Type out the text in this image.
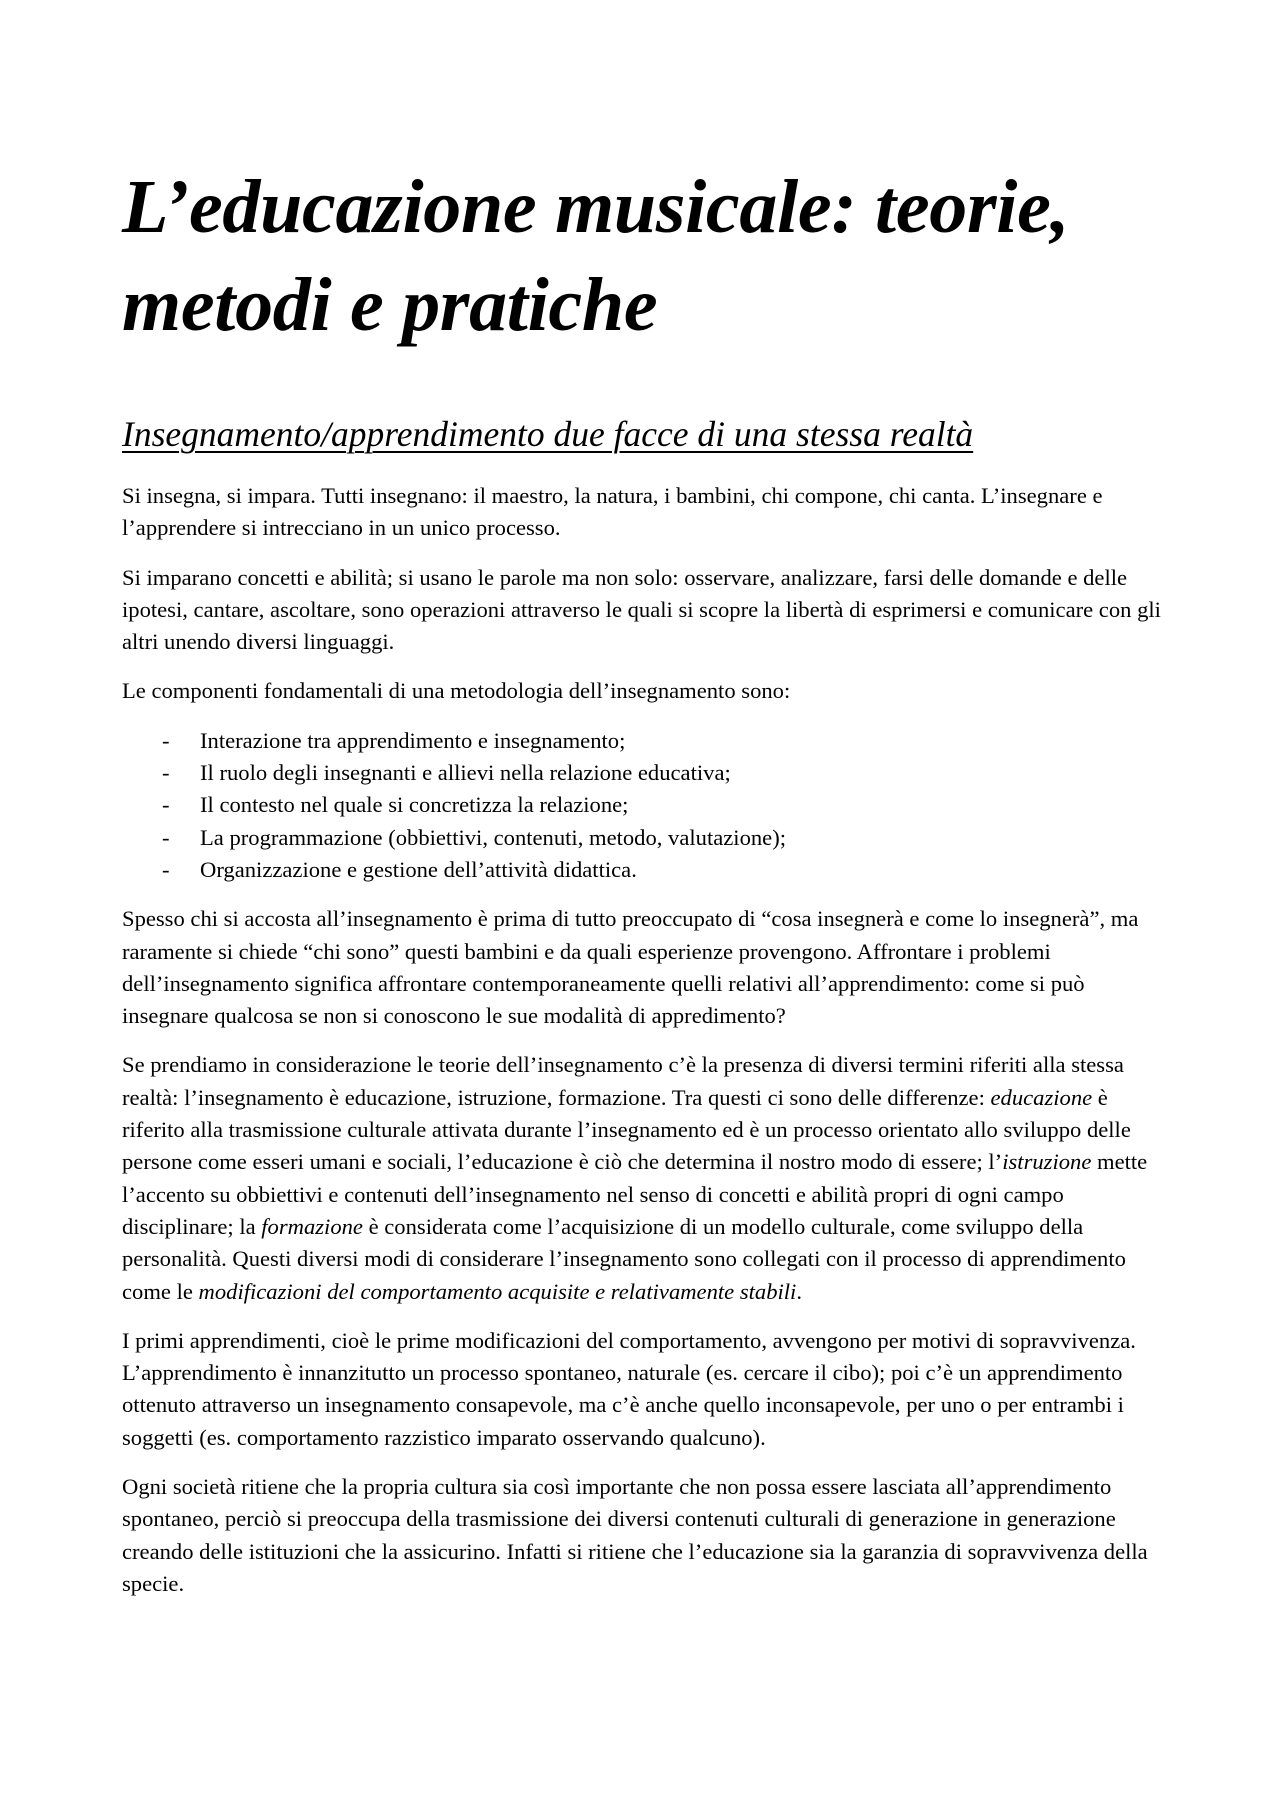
L’educazione musicale: teorie,
metodi e pratiche
Insegnamento/apprendimento due facce di una stessa realtà

Si insegna, si impara. Tutti insegnano: il maestro, la natura, i bambini, chi compone, chi canta. L’insegnare e l’apprendere si intrecciano in un unico processo.

Si imparano concetti e abilità; si usano le parole ma non solo: osservare, analizzare, farsi delle domande e delle ipotesi, cantare, ascoltare, sono operazioni attraverso le quali si scopre la libertà di esprimersi e comunicare con gli altri unendo diversi linguaggi.

Le componenti fondamentali di una metodologia dell’insegnamento sono:

- Interazione tra apprendimento e insegnamento;
- Il ruolo degli insegnanti e allievi nella relazione educativa;
- Il contesto nel quale si concretizza la relazione;
- La programmazione (obbiettivi, contenuti, metodo, valutazione);
- Organizzazione e gestione dell’attività didattica.

Spesso chi si accosta all’insegnamento è prima di tutto preoccupato di “cosa insegnerà e come lo insegnerà”, ma raramente si chiede “chi sono” questi bambini e da quali esperienze provengono. Affrontare i problemi dell’insegnamento significa affrontare contemporaneamente quelli relativi all’apprendimento: come si può insegnare qualcosa se non si conoscono le sue modalità di appredimento?

Se prendiamo in considerazione le teorie dell’insegnamento c’è la presenza di diversi termini riferiti alla stessa realtà: l’insegnamento è educazione, istruzione, formazione. Tra questi ci sono delle differenze: educazione è riferito alla trasmissione culturale attivata durante l’insegnamento ed è un processo orientato allo sviluppo delle persone come esseri umani e sociali, l’educazione è ciò che determina il nostro modo di essere; l’istruzione mette l’accento su obbiettivi e contenuti dell’insegnamento nel senso di concetti e abilità propri di ogni campo disciplinare; la formazione è considerata come l’acquisizione di un modello culturale, come sviluppo della personalità. Questi diversi modi di considerare l’insegnamento sono collegati con il processo di apprendimento come le modificazioni del comportamento acquisite e relativamente stabili.

I primi apprendimenti, cioè le prime modificazioni del comportamento, avvengono per motivi di sopravvivenza. L’apprendimento è innanzitutto un processo spontaneo, naturale (es. cercare il cibo); poi c’è un apprendimento ottenuto attraverso un insegnamento consapevole, ma c’è anche quello inconsapevole, per uno o per entrambi i soggetti (es. comportamento razzistico imparato osservando qualcuno).

Ogni società ritiene che la propria cultura sia così importante che non possa essere lasciata all’apprendimento spontaneo, perciò si preoccupa della trasmissione dei diversi contenuti culturali di generazione in generazione creando delle istituzioni che la assicurino. Infatti si ritiene che l’educazione sia la garanzia di sopravvivenza della specie.
